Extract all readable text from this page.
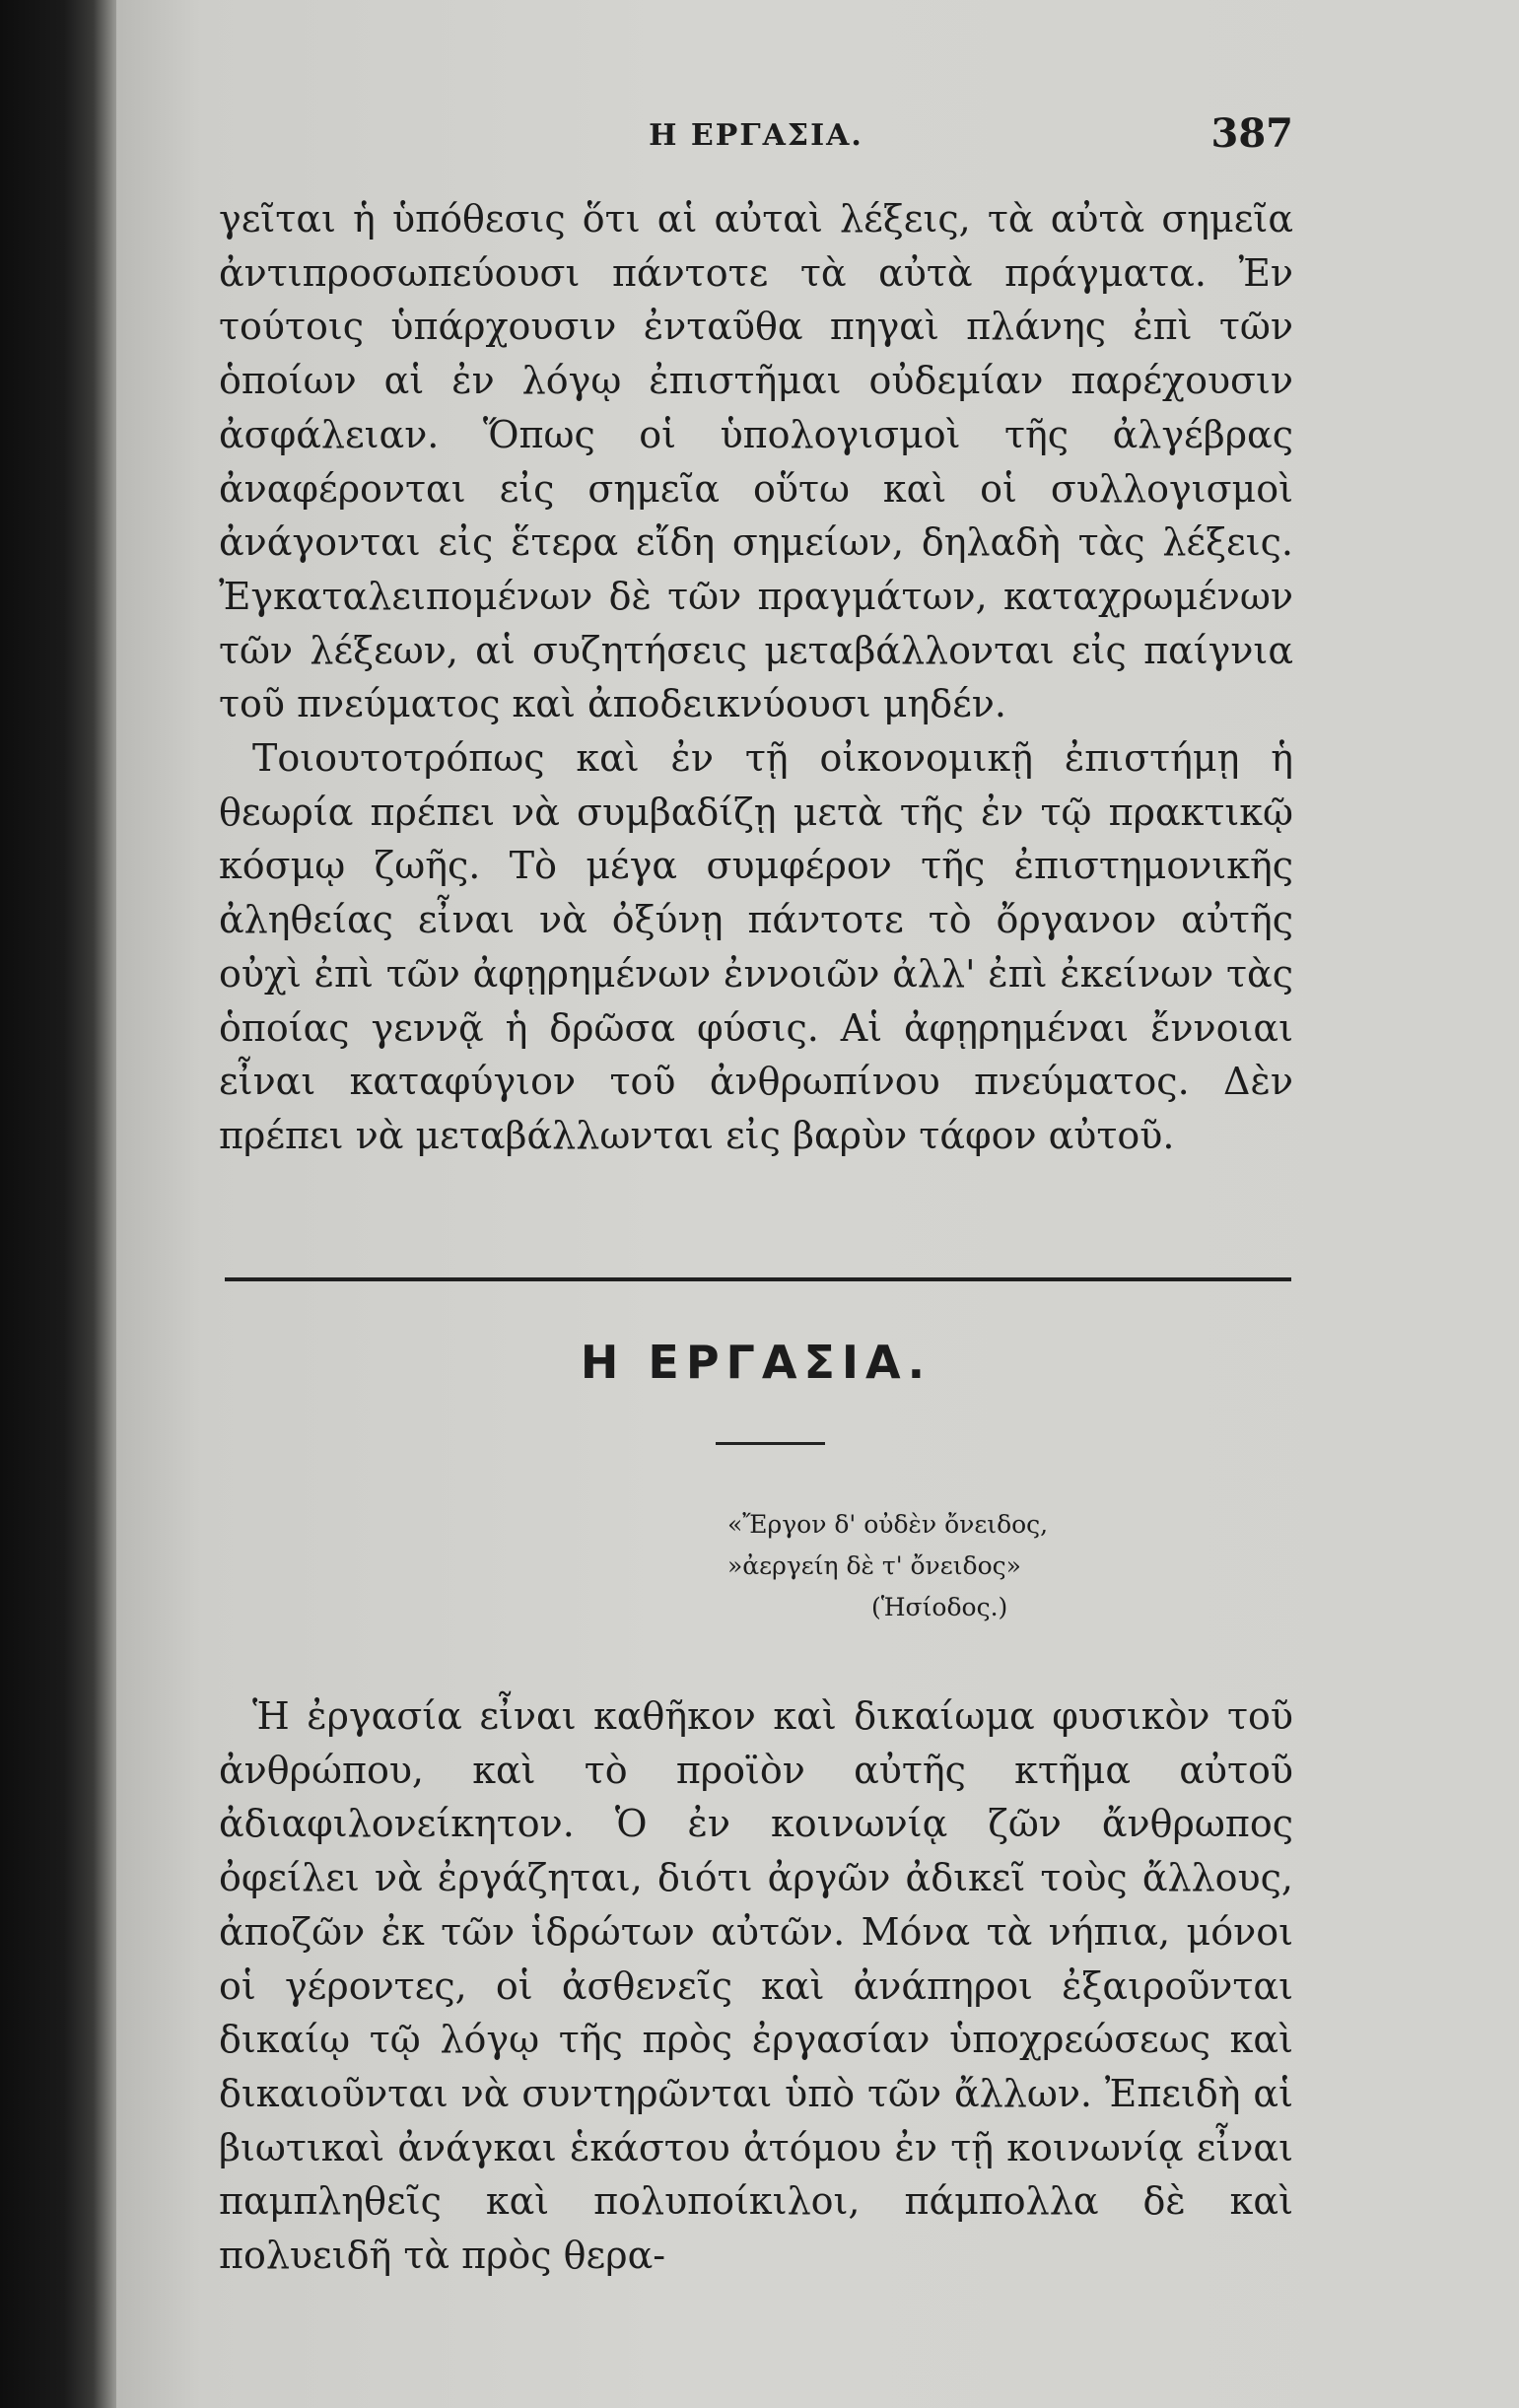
Η ΕΡΓΑΣΙΑ.	387

γεῖται ἡ ὑπόθεσις ὅτι αἱ αὐταὶ λέξεις, τὰ αὐτὰ σημεῖα ἀντιπροσωπεύουσι πάντοτε τὰ αὐτὰ πράγματα. Ἐν τούτοις ὑπάρχουσιν ἐνταῦθα πηγαὶ πλάνης ἐπὶ τῶν ὁποίων αἱ ἐν λόγῳ ἐπιστῆμαι οὐδεμίαν παρέχουσιν ἀσφάλειαν. Ὅπως οἱ ὑπολογισμοὶ τῆς ἀλγέβρας ἀναφέρονται εἰς σημεῖα οὕτω καὶ οἱ συλλογισμοὶ ἀνάγονται εἰς ἕτερα εἴδη σημείων, δηλαδὴ τὰς λέξεις. Ἐγκαταλειπομένων δὲ τῶν πραγμάτων, καταχρωμένων τῶν λέξεων, αἱ συζητήσεις μεταβάλλονται εἰς παίγνια τοῦ πνεύματος καὶ ἀποδεικνύουσι μηδέν.

Τοιουτοτρόπως καὶ ἐν τῇ οἰκονομικῇ ἐπιστήμῃ ἡ θεωρία πρέπει νὰ συμβαδίζῃ μετὰ τῆς ἐν τῷ πρακτικῷ κόσμῳ ζωῆς. Τὸ μέγα συμφέρον τῆς ἐπιστημονικῆς ἀληθείας εἶναι νὰ ὀξύνῃ πάντοτε τὸ ὄργανον αὐτῆς οὐχὶ ἐπὶ τῶν ἀφῃρημένων ἐννοιῶν ἀλλ' ἐπὶ ἐκείνων τὰς ὁποίας γεννᾷ ἡ δρῶσα φύσις. Αἱ ἀφῃρημέναι ἔννοιαι εἶναι καταφύγιον τοῦ ἀνθρωπίνου πνεύματος. Δὲν πρέπει νὰ μεταβάλλωνται εἰς βαρὺν τάφον αὐτοῦ.

Η ΕΡΓΑΣΙΑ.
«Ἔργον δ' οὐδὲν ὄνειδος,
»ἀεργείη δὲ τ' ὄνειδος»
(Ἡσίοδος.)

Ἡ ἐργασία εἶναι καθῆκον καὶ δικαίωμα φυσικὸν τοῦ ἀνθρώπου, καὶ τὸ προϊὸν αὐτῆς κτῆμα αὐτοῦ ἀδιαφιλονείκητον. Ὁ ἐν κοινωνίᾳ ζῶν ἄνθρωπος ὀφείλει νὰ ἐργάζηται, διότι ἀργῶν ἀδικεῖ τοὺς ἄλλους, ἀποζῶν ἐκ τῶν ἱδρώτων αὐτῶν. Μόνα τὰ νήπια, μόνοι οἱ γέροντες, οἱ ἀσθενεῖς καὶ ἀνάπηροι ἐξαιροῦνται δικαίῳ τῷ λόγῳ τῆς πρὸς ἐργασίαν ὑποχρεώσεως καὶ δικαιοῦνται νὰ συντηρῶνται ὑπὸ τῶν ἄλλων. Ἐπειδὴ αἱ βιωτικαὶ ἀνάγκαι ἑκάστου ἀτόμου ἐν τῇ κοινωνίᾳ εἶναι παμπληθεῖς καὶ πολυποίκιλοι, πάμπολλα δὲ καὶ πολυειδῆ τὰ πρὸς θερα-
